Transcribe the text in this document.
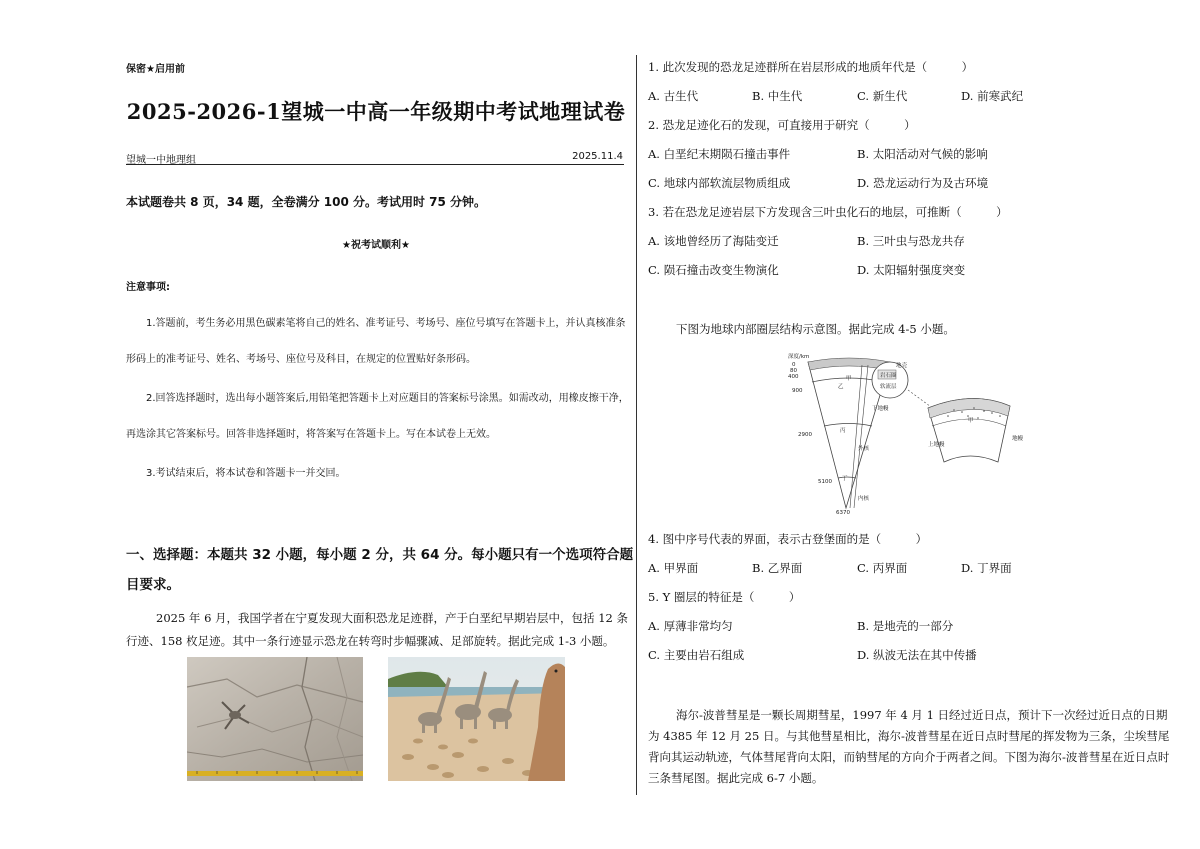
保密★启用前
2025-2026-1望城一中高一年级期中考试地理试卷
望城一中地理组	2025.11.4
本试题卷共 8 页，34 题，全卷满分 100 分。考试用时 75 分钟。
★祝考试顺利★
注意事项:
1.答题前，考生务必用黑色碳素笔将自己的姓名、准考证号、考场号、座位号填写在答题卡上，并认真核准条形码上的准考证号、姓名、考场号、座位号及科目，在规定的位置贴好条形码。
2.回答选择题时，选出每小题答案后,用铅笔把答题卡上对应题目的答案标号涂黑。如需改动，用橡皮擦干净，再选涂其它答案标号。回答非选择题时，将答案写在答题卡上。写在本试卷上无效。
3.考试结束后，将本试卷和答题卡一并交回。
一、选择题：本题共 32 小题，每小题 2 分，共 64 分。每小题只有一个选项符合题目要求。
2025 年 6 月，我国学者在宁夏发现大面积恐龙足迹群，产于白垩纪早期岩层中，包括 12 条行迹、158 枚足迹。其中一条行迹显示恐龙在转弯时步幅骤减、足部旋转。据此完成 1-3 小题。
1. 此次发现的恐龙足迹群所在岩层形成的地质年代是（　　　）
A. 古生代	B. 中生代	C. 新生代	D. 前寒武纪
2. 恐龙足迹化石的发现，可直接用于研究（　　　）
A. 白垩纪末期陨石撞击事件	B. 太阳活动对气候的影响
C. 地球内部软流层物质组成	D. 恐龙运动行为及古环境
3. 若在恐龙足迹岩层下方发现含三叶虫化石的地层，可推断（　　　）
A. 该地曾经历了海陆变迁	B. 三叶虫与恐龙共存
C. 陨石撞击改变生物演化	D. 太阳辐射强度突变
下图为地球内部圈层结构示意图。据此完成 4-5 小题。
深度/km
0
80
400
900
2900
5100
6370
甲
乙
丙
丁
地壳
岩石圈
软流层
下地幔
外核
内核
上地幔
地幔
甲
4. 图中序号代表的界面，表示古登堡面的是（　　　）
A. 甲界面	B. 乙界面	C. 丙界面	D. 丁界面
5. Y 圈层的特征是（　　　）
A. 厚薄非常均匀	B. 是地壳的一部分
C. 主要由岩石组成	D. 纵波无法在其中传播
海尔-波普彗星是一颗长周期彗星，1997 年 4 月 1 日经过近日点，预计下一次经过近日点的日期为 4385 年 12 月 25 日。与其他彗星相比，海尔-波普彗星在近日点时彗尾的挥发物为三条，尘埃彗尾背向其运动轨迹，气体彗尾背向太阳，而钠彗尾的方向介于两者之间。下图为海尔-波普彗星在近日点时三条彗尾图。据此完成 6-7 小题。
